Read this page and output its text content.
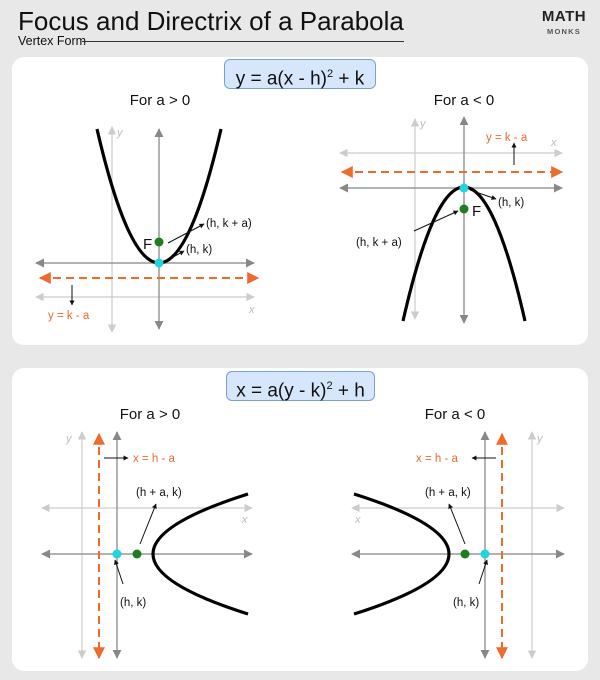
Focus and Directrix of a Parabola
Vertex Form
MATH
MONKS
y = a(x - h)$^2$ + k
For a > 0
y
x
y = k - a
F
(h, k + a)
(h, k)
For a < 0
y
x
y = k - a
F (h, k)
(h, k + a)
x = a(y - k)$^2$ + h
For a > 0
y
x
x = h - a
(h + a, k)
(h, k)
For a < 0
y
x
x = h - a
(h + a, k)
(h, k)
